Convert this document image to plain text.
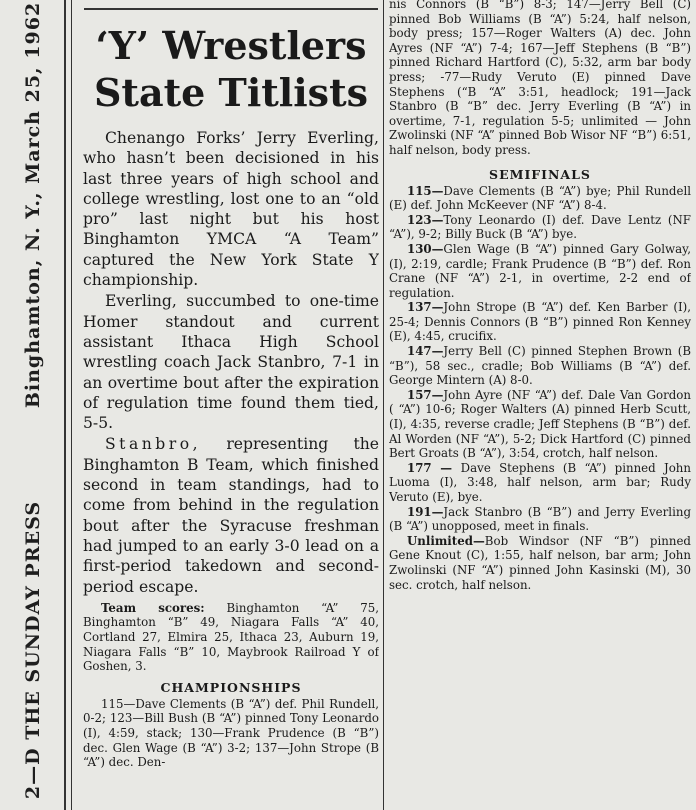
2—D THE SUNDAY PRESS
Binghamton, N. Y., March 25, 1962	‘Y’ Wrestlers
State Titlists

Chenango Forks’ Jerry Everling, who hasn’t been decisioned in his last three years of high school and college wrestling, lost one to an “old pro” last night but his host Binghamton YMCA “A Team” captured the New York State Y championship.

Everling, succumbed to one-time Homer standout and current assistant Ithaca High School wrestling coach Jack Stanbro, 7-1 in an overtime bout after the expiration of regulation time found them tied, 5-5.

Stanbro, representing the Binghamton B Team, which finished second in team standings, had to come from behind in the regulation bout after the Syracuse freshman had jumped to an early 3-0 lead on a first-period takedown and second-period escape.

Team scores: Binghamton “A” 75, Binghamton “B” 49, Niagara Falls “A” 40, Cortland 27, Elmira 25, Ithaca 23, Auburn 19, Niagara Falls “B” 10, Maybrook Railroad Y of Goshen, 3.

CHAMPIONSHIPS

115—Dave Clements (B “A”) def. Phil Rundell, 0-2; 123—Bill Bush (B “A”) pinned Tony Leonardo (I), 4:59, stack; 130—Frank Prudence (B “B”) dec. Glen Wage (B “A”) 3-2; 137—John Strope (B “A”) dec. Den-

nis Connors (B “B”) 8-3; 147—Jerry Bell (C) pinned Bob Williams (B “A”) 5:24, half nelson, body press; 157—Roger Walters (A) dec. John Ayres (NF “A”) 7-4; 167—Jeff Stephens (B “B”) pinned Richard Hartford (C), 5:32, arm bar body press; -77—Rudy Veruto (E) pinned Dave Stephens (“B “A” 3:51, headlock; 191—Jack Stanbro (B “B” dec. Jerry Everling (B “A”) in overtime, 7-1, regulation 5-5; unlimited — John Zwolinski (NF “A” pinned Bob Wisor NF “B”) 6:51, half nelson, body press.

SEMIFINALS

115—Dave Clements (B “A”) bye; Phil Rundell (E) def. John McKeever (NF “A”) 8-4.

123—Tony Leonardo (I) def. Dave Lentz (NF “A”), 9-2; Billy Buck (B “A”) bye.

130—Glen Wage (B “A”) pinned Gary Golway, (I), 2:19, cardle; Frank Prudence (B “B”) def. Ron Crane (NF “A”) 2-1, in overtime, 2-2 end of regulation.

137—John Strope (B “A”) def. Ken Barber (I), 25-4; Dennis Connors (B “B”) pinned Ron Kenney (E), 4:45, crucifix.

147—Jerry Bell (C) pinned Stephen Brown (B “B”), 58 sec., cradle; Bob Williams (B “A”) def. George Mintern (A) 8-0.

157—John Ayre (NF “A”) def. Dale Van Gordon ( “A”) 10-6; Roger Walters (A) pinned Herb Scutt, (I), 4:35, reverse cradle; Jeff Stephens (B “B”) def. Al Worden (NF “A”), 5-2; Dick Hartford (C) pinned Bert Groats (B “A”), 3:54, crotch, half nelson.

177 — Dave Stephens (B “A”) pinned John Luoma (I), 3:48, half nelson, arm bar; Rudy Veruto (E), bye.

191—Jack Stanbro (B “B”) and Jerry Everling (B “A”) unopposed, meet in finals.

Unlimited—Bob Windsor (NF “B”) pinned Gene Knout (C), 1:55, half nelson, bar arm; John Zwolinski (NF “A”) pinned John Kasinski (M), 30 sec. crotch, half nelson.
